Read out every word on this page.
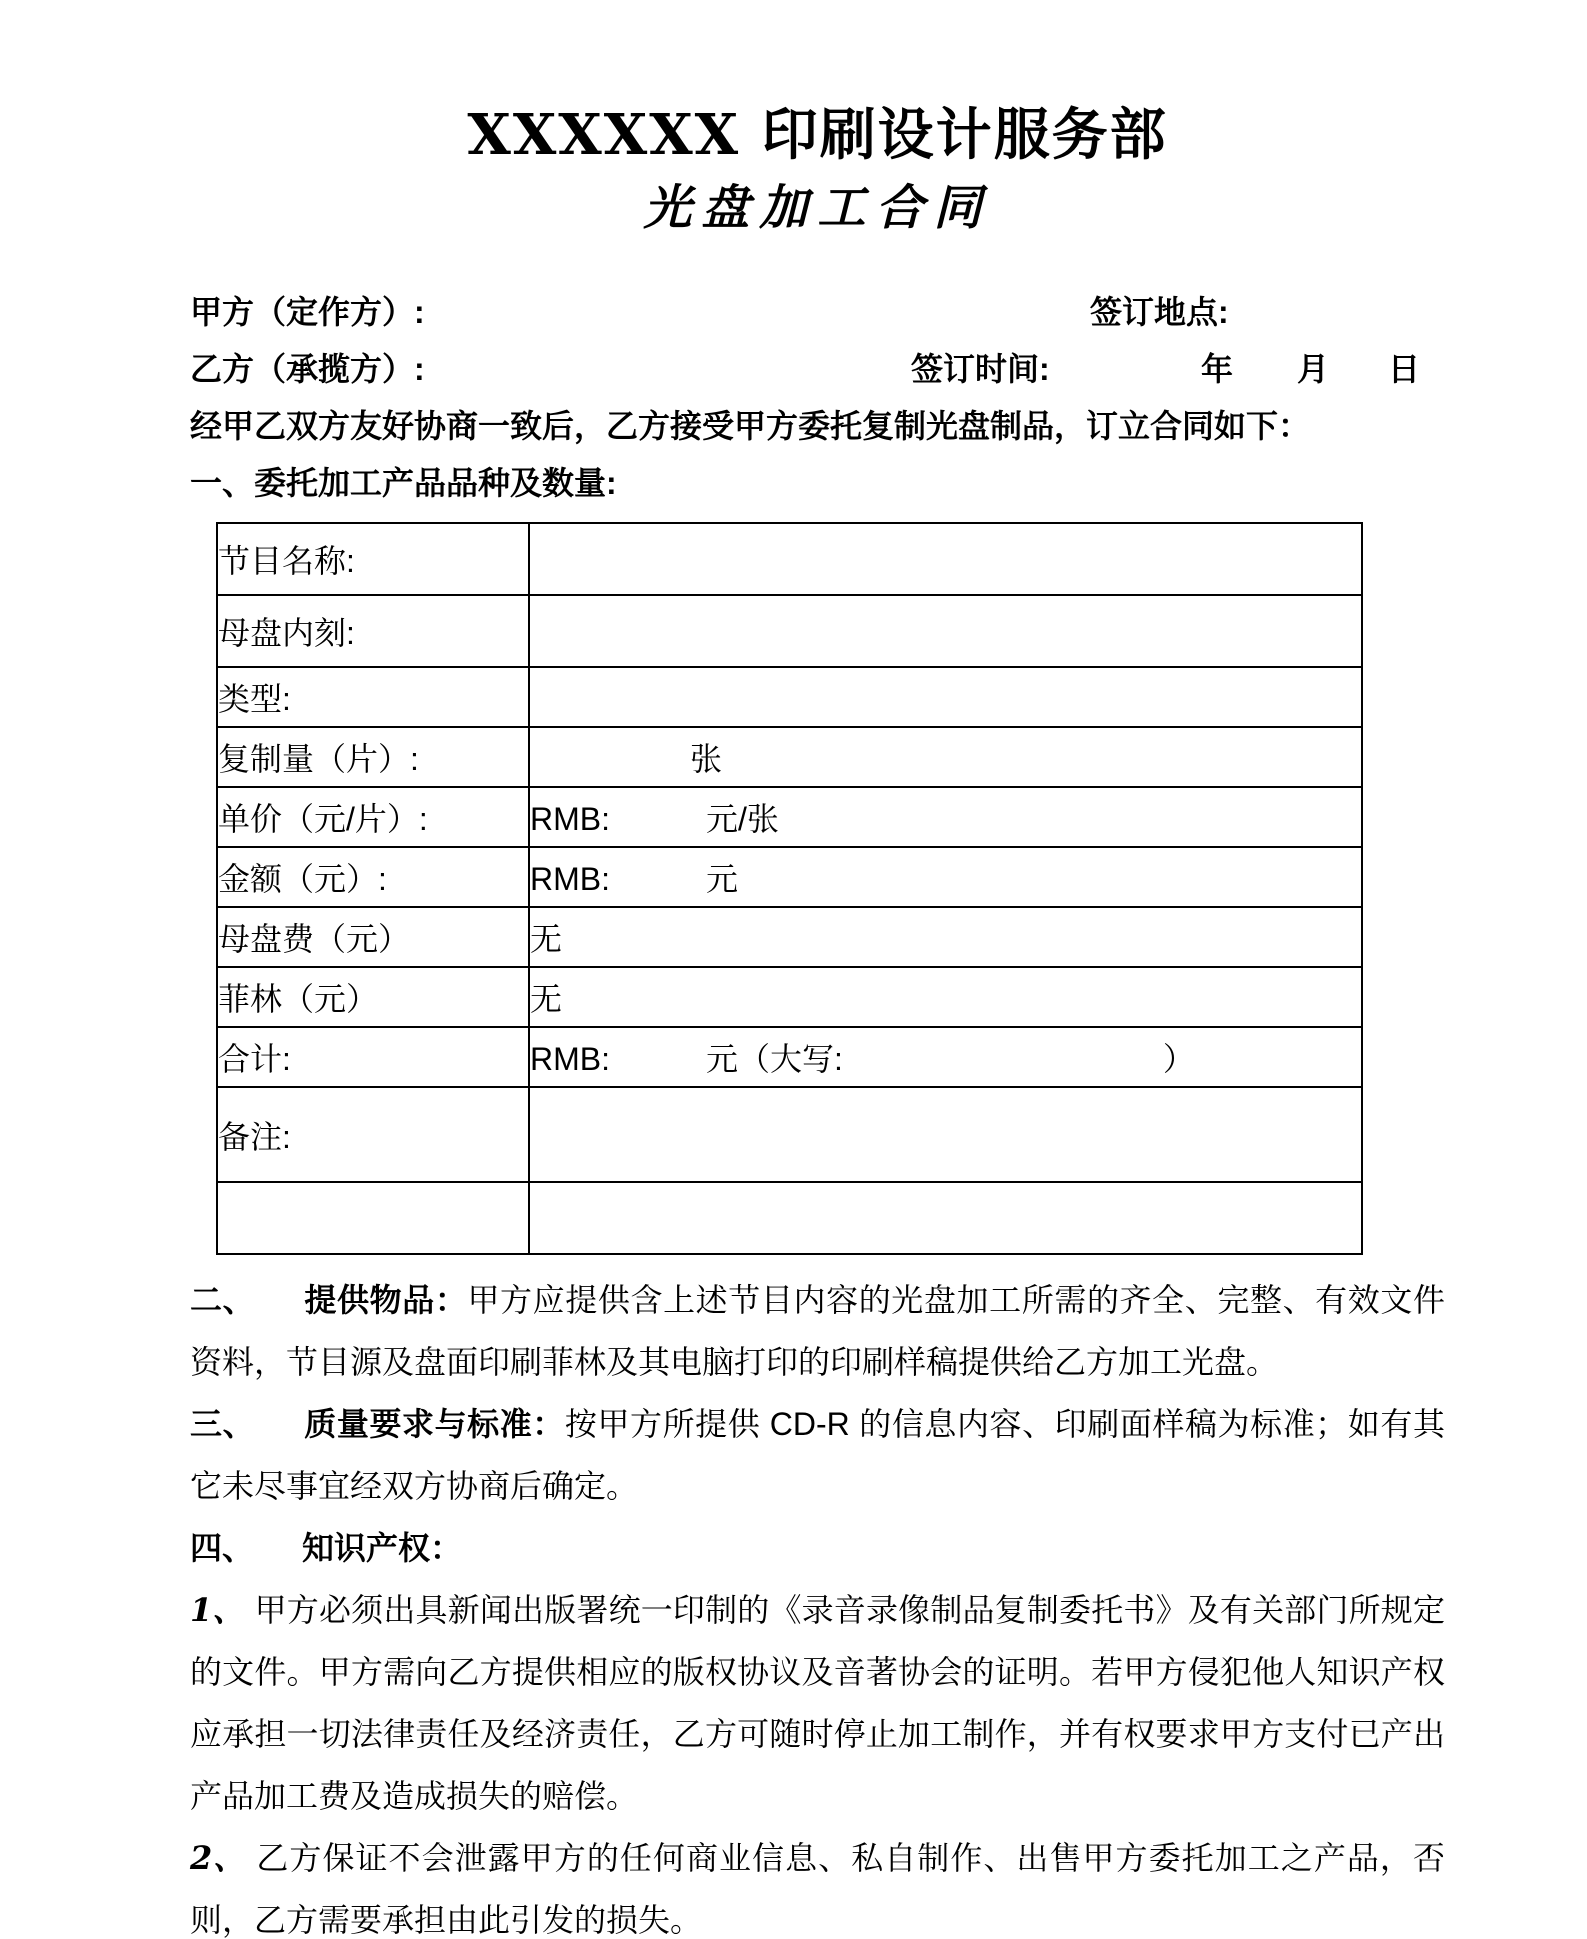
XXXXXX 印刷设计服务部
光盘加工合同
甲方（定作方）:	签订地点:
乙方（承揽方）:	签订时间:	年 月 日
经甲乙双方友好协商一致后，乙方接受甲方委托复制光盘制品，订立合同如下：
一、委托加工产品品种及数量:
节目名称:	
母盘内刻:	
类型:	
复制量（片）:	　　　　　张
单价（元/片）:	RMB:　　　元/张
金额（元）:	RMB:　　　元
母盘费（元）	无
菲林（元）	无
合计:	RMB:　　　元（大写:　　　　　　　　　　）
备注:	

二、　　提供物品：甲方应提供含上述节目内容的光盘加工所需的齐全、完整、有效文件资料，节目源及盘面印刷菲林及其电脑打印的印刷样稿提供给乙方加工光盘。

三、　　质量要求与标准：按甲方所提供 CD-R 的信息内容、印刷面样稿为标准；如有其它未尽事宜经双方协商后确定。

四、　　知识产权：

1、 甲方必须出具新闻出版署统一印制的《录音录像制品复制委托书》及有关部门所规定的文件。甲方需向乙方提供相应的版权协议及音著协会的证明。若甲方侵犯他人知识产权应承担一切法律责任及经济责任，乙方可随时停止加工制作，并有权要求甲方支付已产出产品加工费及造成损失的赔偿。

2、 乙方保证不会泄露甲方的任何商业信息、私自制作、出售甲方委托加工之产品，否则，乙方需要承担由此引发的损失。
